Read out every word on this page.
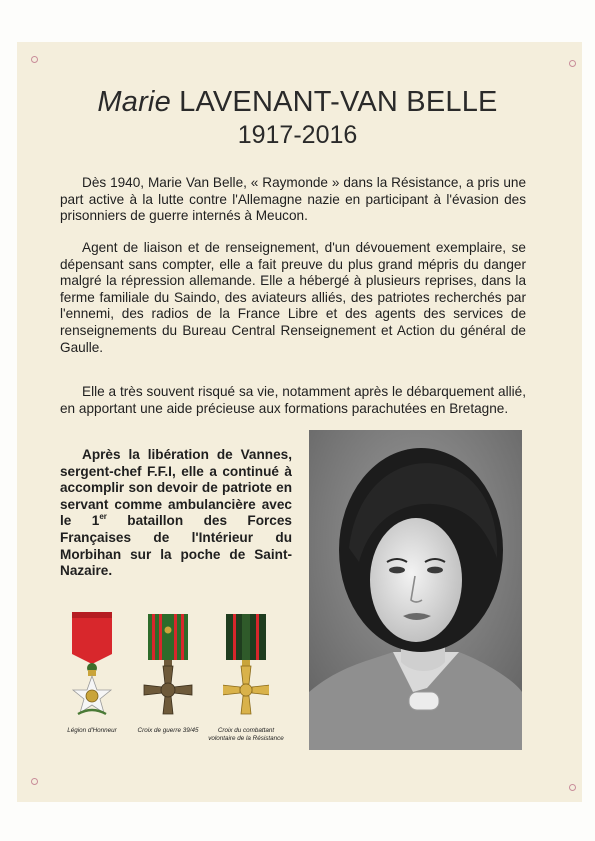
Marie LAVENANT-VAN BELLE
1917-2016

Dès 1940, Marie Van Belle, « Raymonde » dans la Résistance, a pris une part active à la lutte contre l'Allemagne nazie en participant à l'évasion des prisonniers de guerre internés à Meucon.

Agent de liaison et de renseignement, d'un dévouement exemplaire, se dépensant sans compter, elle a fait preuve du plus grand mépris du danger malgré la répression allemande. Elle a hébergé à plusieurs reprises, dans la ferme familiale du Saindo, des aviateurs alliés, des patriotes recherchés par l'ennemi, des radios de la France Libre et des agents des services de renseignements du Bureau Central Renseignement et Action du général de Gaulle.

Elle a très souvent risqué sa vie, notamment après le débarquement allié, en apportant une aide précieuse aux formations parachutées en Bretagne.

Après la libération de Vannes, sergent-chef F.F.I, elle a continué à accomplir son devoir de patriote en servant comme ambulancière avec le 1er bataillon des Forces Françaises de l'Intérieur du Morbihan sur la poche de Saint-Nazaire.

Légion d'Honneur	Croix de guerre 39/45	Croix du combattant volontaire de la Résistance
